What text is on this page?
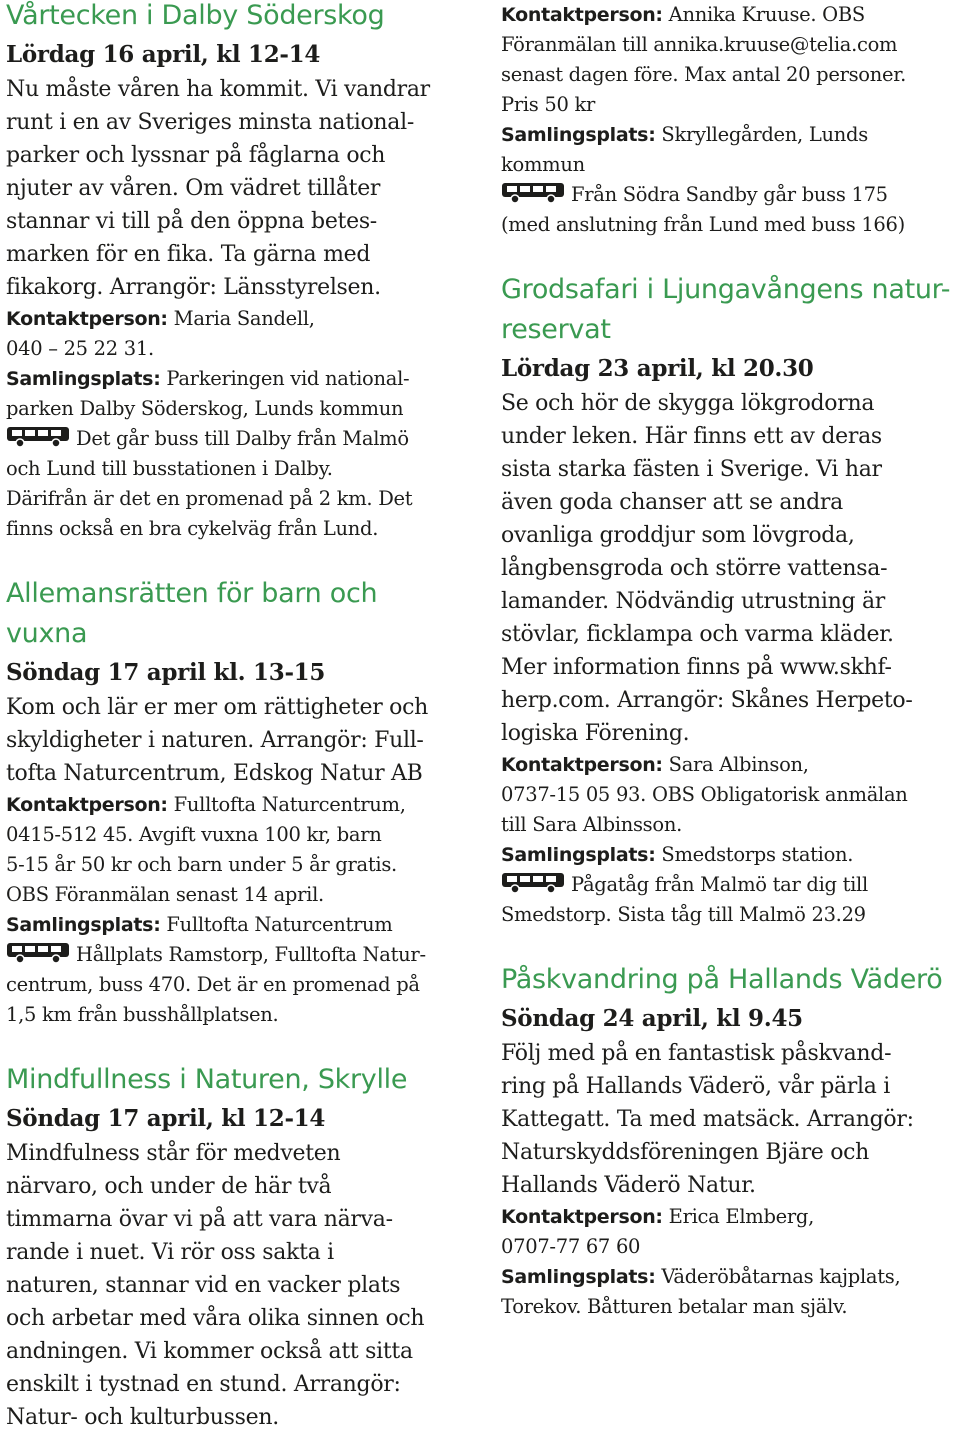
Vårtecken i Dalby Söderskog

Lördag 16 april, kl 12-14

Nu måste våren ha kommit. Vi vandrar
runt i en av Sveriges minsta national-
parker och lyssnar på fåglarna och
njuter av våren. Om vädret tillåter
stannar vi till på den öppna betes-
marken för en fika. Ta gärna med
fikakorg. Arrangör: Länsstyrelsen.

Kontaktperson: Maria Sandell,
040 – 25 22 31.

Samlingsplats: Parkeringen vid national-
parken Dalby Söderskog, Lunds kommun

Det går buss till Dalby från Malmö
och Lund till busstationen i Dalby.
Därifrån är det en promenad på 2 km. Det
finns också en bra cykelväg från Lund.

Allemansrätten för barn och
vuxna

Söndag 17 april kl. 13-15

Kom och lär er mer om rättigheter och
skyldigheter i naturen. Arrangör: Full-
tofta Naturcentrum, Edskog Natur AB

Kontaktperson: Fulltofta Naturcentrum,
0415-512 45. Avgift vuxna 100 kr, barn
5-15 år 50 kr och barn under 5 år gratis.
OBS Föranmälan senast 14 april.

Samlingsplats: Fulltofta Naturcentrum

Hållplats Ramstorp, Fulltofta Natur-
centrum, buss 470. Det är en promenad på
1,5 km från busshållplatsen.

Mindfullness i Naturen, Skrylle

Söndag 17 april, kl 12-14

Mindfulness står för medveten
närvaro, och under de här två
timmarna övar vi på att vara närva-
rande i nuet. Vi rör oss sakta i
naturen, stannar vid en vacker plats
och arbetar med våra olika sinnen och
andningen. Vi kommer också att sitta
enskilt i tystnad en stund. Arrangör:
Natur- och kulturbussen.

Kontaktperson: Annika Kruuse. OBS
Föranmälan till annika.kruuse@telia.com
senast dagen före. Max antal 20 personer.
Pris 50 kr

Samlingsplats: Skryllegården, Lunds
kommun

Från Södra Sandby går buss 175
(med anslutning från Lund med buss 166)

Grodsafari i Ljungavångens natur-
reservat

Lördag 23 april, kl 20.30

Se och hör de skygga lökgrodorna
under leken. Här finns ett av deras
sista starka fästen i Sverige. Vi har
även goda chanser att se andra
ovanliga groddjur som lövgroda,
långbensgroda och större vattensa-
lamander. Nödvändig utrustning är
stövlar, ficklampa och varma kläder.
Mer information finns på www.skhf-
herp.com. Arrangör: Skånes Herpeto-
logiska Förening.

Kontaktperson: Sara Albinson,
0737-15 05 93. OBS Obligatorisk anmälan
till Sara Albinsson.

Samlingsplats: Smedstorps station.

Pågatåg från Malmö tar dig till
Smedstorp. Sista tåg till Malmö 23.29

Påskvandring på Hallands Väderö

Söndag 24 april, kl 9.45

Följ med på en fantastisk påskvand-
ring på Hallands Väderö, vår pärla i
Kattegatt. Ta med matsäck. Arrangör:
Naturskyddsföreningen Bjäre och
Hallands Väderö Natur.

Kontaktperson: Erica Elmberg,
0707-77 67 60

Samlingsplats: Väderöbåtarnas kajplats,
Torekov. Båtturen betalar man själv.
